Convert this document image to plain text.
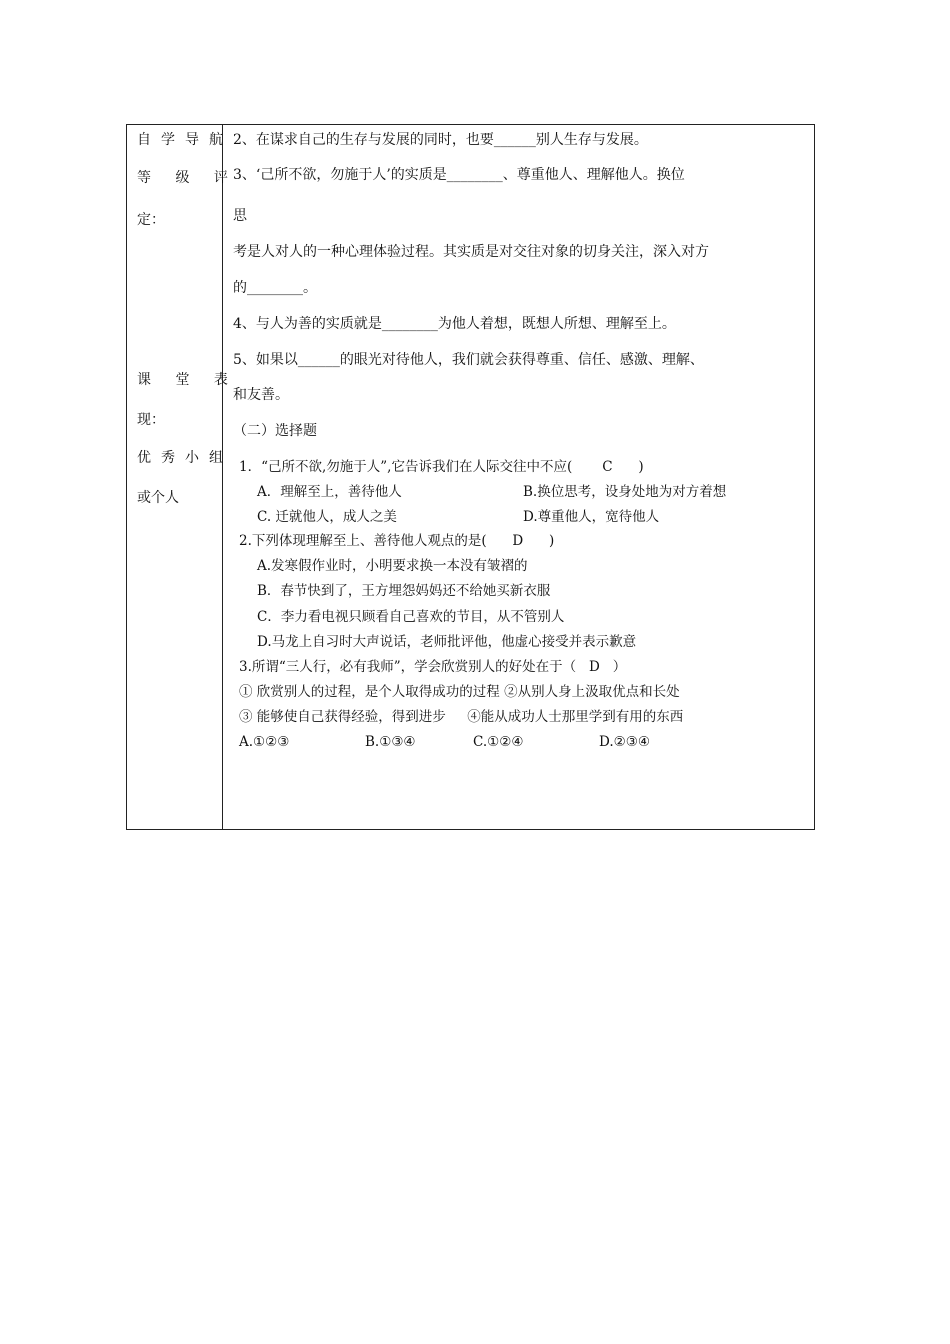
自学导航
等 级 评
定：
课 堂 表
现：
优秀小组
或个人
2、在谋求自己的生存与发展的同时，也要______别人生存与发展。
3、‘己所不欲，勿施于人’的实质是________、尊重他人、理解他人。换位
思
考是人对人的一种心理体验过程。其实质是对交往对象的切身关注，深入对方
的________。
4、与人为善的实质就是________为他人着想，既想人所想、理解至上。
5、如果以______的眼光对待他人，我们就会获得尊重、信任、感激、理解、
和友善。
（二）选择题
1．“己所不欲,勿施于人”,它告诉我们在人际交往中不应(       C      )
A．理解至上，善待他人	B.换位思考，设身处地为对方着想
C. 迁就他人，成人之美	D.尊重他人，宽待他人
2.下列体现理解至上、善待他人观点的是(      D      )
A.发寒假作业时，小明要求换一本没有皱褶的
B．春节快到了，王方埋怨妈妈还不给她买新衣服
C．李力看电视只顾看自己喜欢的节目，从不管别人
D.马龙上自习时大声说话，老师批评他，他虚心接受并表示歉意
3.所谓“三人行，必有我师”，学会欣赏别人的好处在于（   D   ）
① 欣赏别人的过程，是个人取得成功的过程 ②从别人身上汲取优点和长处
③ 能够使自己获得经验，得到进步     ④能从成功人士那里学到有用的东西
A.①②③	B.①③④	C.①②④	D.②③④
